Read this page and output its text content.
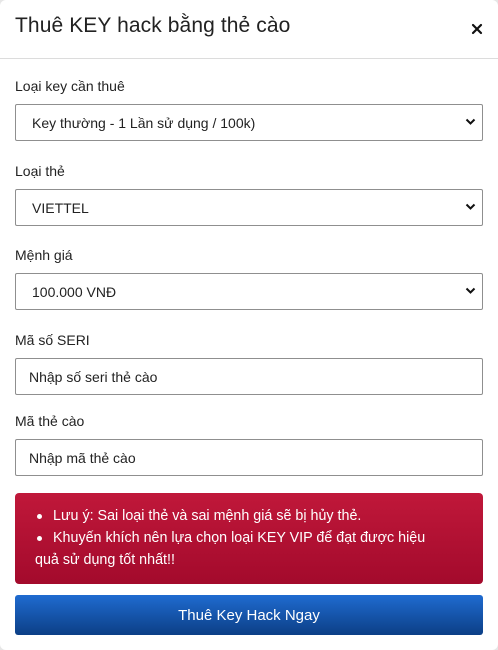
Thuê KEY hack bằng thẻ cào
Loại key cần thuê
Key thường - 1 Lần sử dụng / 100k)
Loại thẻ
VIETTEL
Mệnh giá
100.000 VNĐ
Mã số SERI
Nhập số seri thẻ cào
Mã thẻ cào
Nhập mã thẻ cào
Lưu ý: Sai loại thẻ và sai mệnh giá sẽ bị hủy thẻ.
Khuyến khích nên lựa chọn loại KEY VIP để đạt được hiệu
quả sử dụng tốt nhất!!
Thuê Key Hack Ngay
